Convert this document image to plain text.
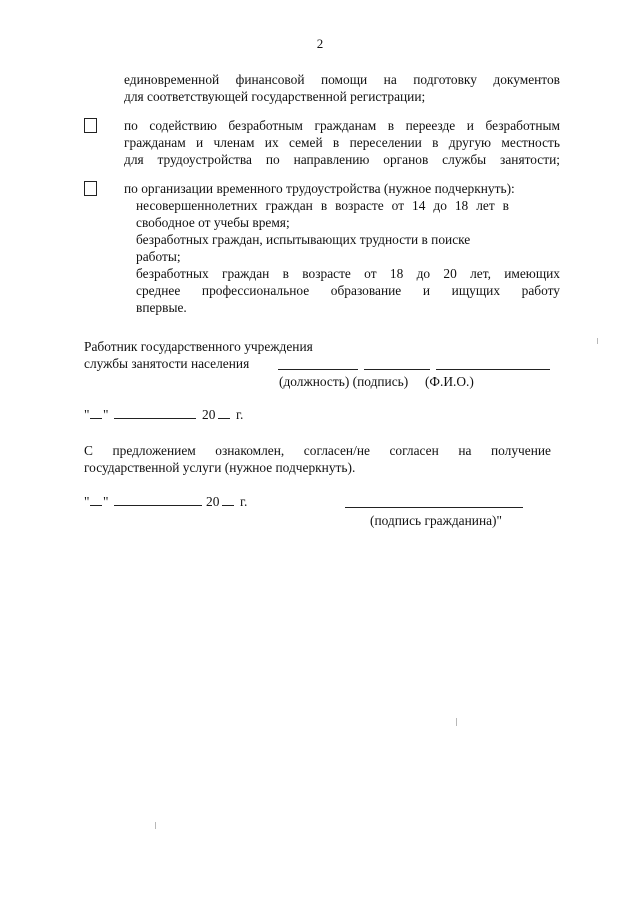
2
единовременной финансовой помощи на подготовку документов
для соответствующей государственной регистрации;
по содействию безработным гражданам в переезде и безработным
гражданам и членам их семей в переселении в другую местность
для трудоустройства по направлению органов службы занятости;
по организации временного трудоустройства (нужное подчеркнуть):
несовершеннолетних граждан в возрасте от 14 до 18 лет в
свободное от учебы время;
безработных граждан, испытывающих трудности в поиске
работы;
безработных граждан в возрасте от 18 до 20 лет, имеющих
среднее профессиональное образование и ищущих работу
впервые.
Работник государственного учреждения
службы занятости населения
(должность) (подпись)     (Ф.И.О.)
" "	20 г.
С предложением ознакомлен, согласен/не согласен на получение
государственной услуги (нужное подчеркнуть).
" "	20 г.
(подпись гражданина)"
